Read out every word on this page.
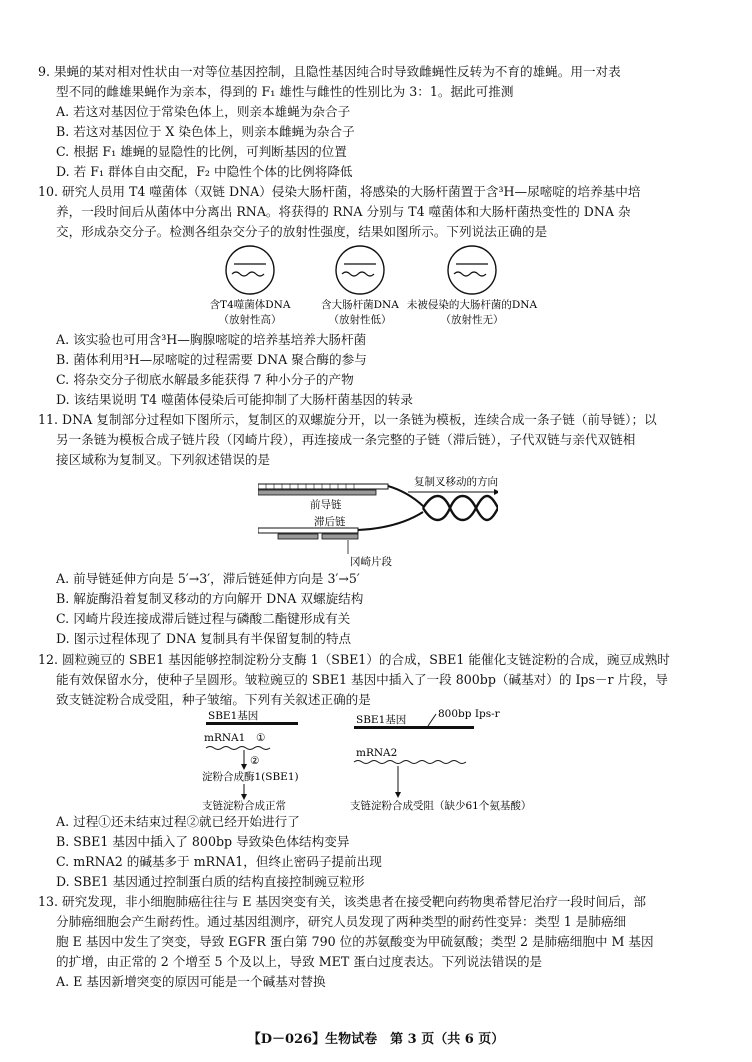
9. 果蝇的某对相对性状由一对等位基因控制，且隐性基因纯合时导致雌蝇性反转为不育的雄蝇。用一对表
型不同的雌雄果蝇作为亲本，得到的 F₁ 雄性与雌性的性别比为 3：1。据此可推测
A. 若这对基因位于常染色体上，则亲本雄蝇为杂合子
B. 若这对基因位于 X 染色体上，则亲本雌蝇为杂合子
C. 根据 F₁ 雄蝇的显隐性的比例，可判断基因的位置
D. 若 F₁ 群体自由交配，F₂ 中隐性个体的比例将降低
10. 研究人员用 T4 噬菌体（双链 DNA）侵染大肠杆菌，将感染的大肠杆菌置于含³H—尿嘧啶的培养基中培
养，一段时间后从菌体中分离出 RNA。将获得的 RNA 分别与 T4 噬菌体和大肠杆菌热变性的 DNA 杂
交，形成杂交分子。检测各组杂交分子的放射性强度，结果如图所示。下列说法正确的是
含T4噬菌体DNA
（放射性高）
含大肠杆菌DNA
（放射性低）
未被侵染的大肠杆菌的DNA
（放射性无）
A. 该实验也可用含³H—胸腺嘧啶的培养基培养大肠杆菌
B. 菌体利用³H—尿嘧啶的过程需要 DNA 聚合酶的参与
C. 将杂交分子彻底水解最多能获得 7 种小分子的产物
D. 该结果说明 T4 噬菌体侵染后可能抑制了大肠杆菌基因的转录
11. DNA 复制部分过程如下图所示，复制区的双螺旋分开，以一条链为模板，连续合成一条子链（前导链）；以
另一条链为模板合成子链片段（冈崎片段），再连接成一条完整的子链（滞后链），子代双链与亲代双链相
接区域称为复制叉。下列叙述错误的是
复制叉移动的方向
前导链
滞后链
冈崎片段
A. 前导链延伸方向是 5′→3′，滞后链延伸方向是 3′→5′
B. 解旋酶沿着复制叉移动的方向解开 DNA 双螺旋结构
C. 冈崎片段连接成滞后链过程与磷酸二酯键形成有关
D. 图示过程体现了 DNA 复制具有半保留复制的特点
12. 圆粒豌豆的 SBE1 基因能够控制淀粉分支酶 1（SBE1）的合成，SBE1 能催化支链淀粉的合成，豌豆成熟时
能有效保留水分，使种子呈圆形。皱粒豌豆的 SBE1 基因中插入了一段 800bp（碱基对）的 Ips－r 片段，导
致支链淀粉合成受阻，种子皱缩。下列有关叙述正确的是
SBE1基因
mRNA1 ①
②
淀粉合成酶1(SBE1)
支链淀粉合成正常
SBE1基因	800bp Ips-r
mRNA2
支链淀粉合成受阻（缺少61个氨基酸）
A. 过程①还未结束过程②就已经开始进行了
B. SBE1 基因中插入了 800bp 导致染色体结构变异
C. mRNA2 的碱基多于 mRNA1，但终止密码子提前出现
D. SBE1 基因通过控制蛋白质的结构直接控制豌豆粒形
13. 研究发现，非小细胞肺癌往往与 E 基因突变有关，该类患者在接受靶向药物奥希替尼治疗一段时间后，部
分肺癌细胞会产生耐药性。通过基因组测序，研究人员发现了两种类型的耐药性变异：类型 1 是肺癌细
胞 E 基因中发生了突变，导致 EGFR 蛋白第 790 位的苏氨酸变为甲硫氨酸；类型 2 是肺癌细胞中 M 基因
的扩增，由正常的 2 个增至 5 个及以上，导致 MET 蛋白过度表达。下列说法错误的是
A. E 基因新增突变的原因可能是一个碱基对替换
【D－026】生物试卷　第 3 页（共 6 页）
